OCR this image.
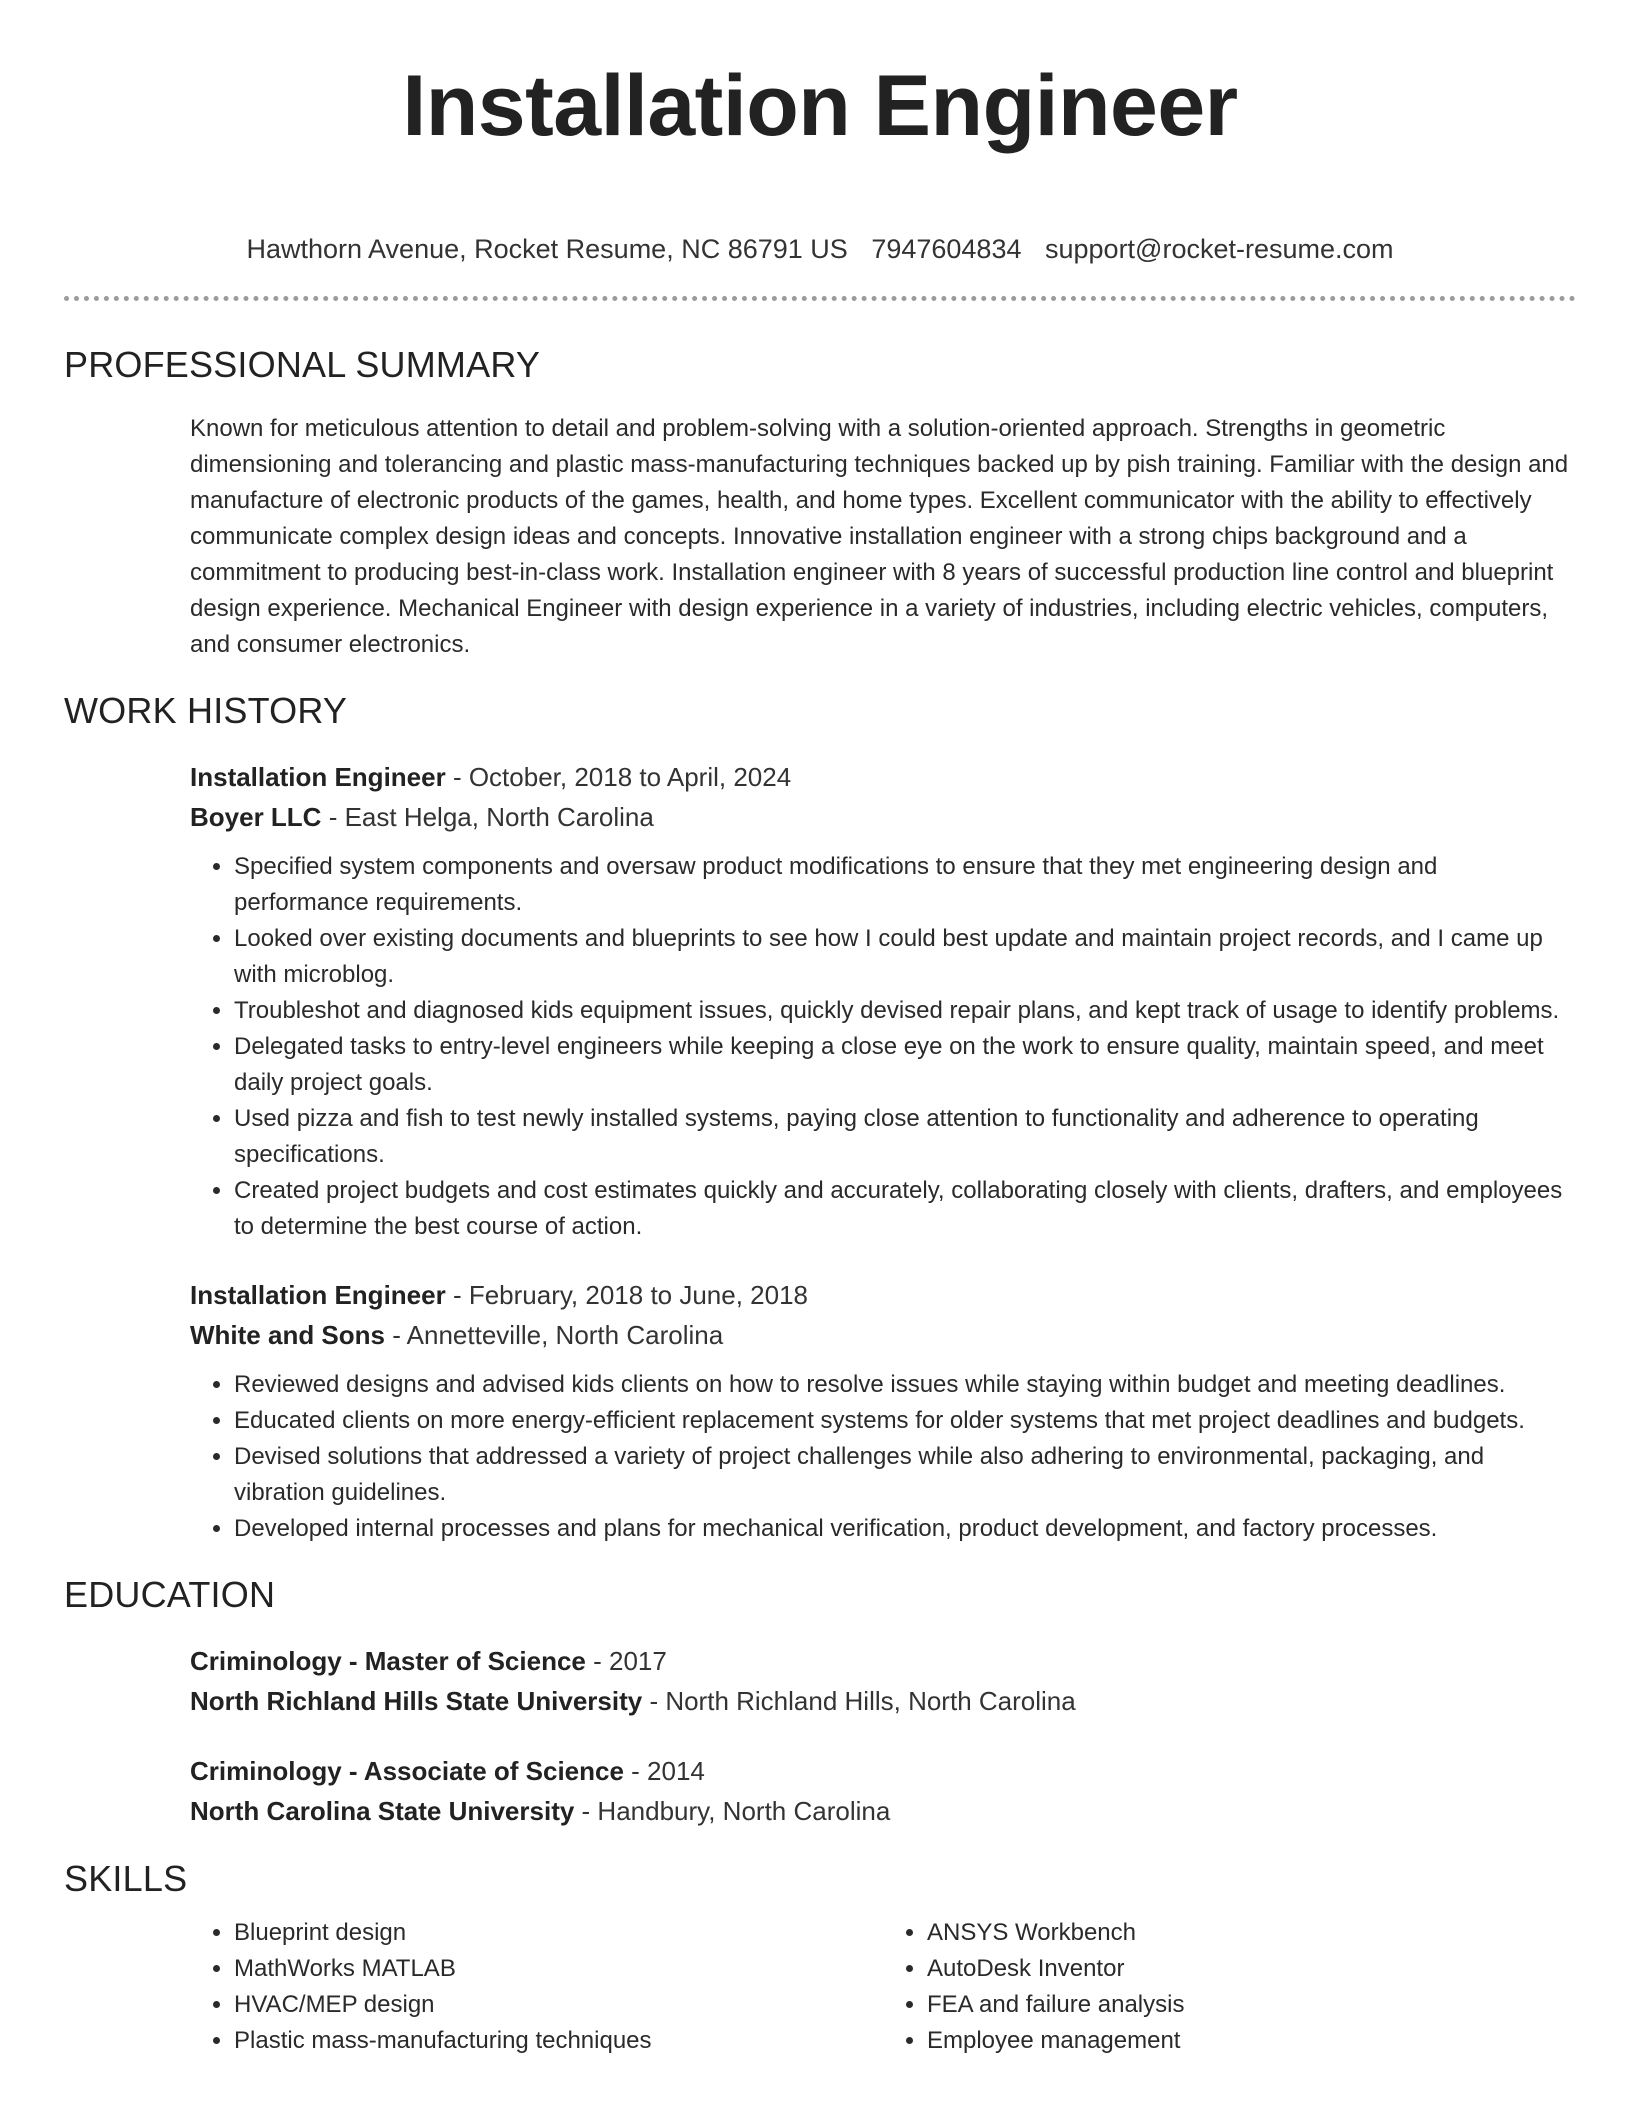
Installation Engineer
Hawthorn Avenue, Rocket Resume, NC 86791 US 7947604834 support@rocket-resume.com
PROFESSIONAL SUMMARY

Known for meticulous attention to detail and problem-solving with a solution-oriented approach. Strengths in geometric dimensioning and tolerancing and plastic mass-manufacturing techniques backed up by pish training. Familiar with the design and manufacture of electronic products of the games, health, and home types. Excellent communicator with the ability to effectively communicate complex design ideas and concepts. Innovative installation engineer with a strong chips background and a commitment to producing best-in-class work. Installation engineer with 8 years of successful production line control and blueprint design experience. Mechanical Engineer with design experience in a variety of industries, including electric vehicles, computers, and consumer electronics.

WORK HISTORY
Installation Engineer - October, 2018 to April, 2024
Boyer LLC - East Helga, North Carolina
• Specified system components and oversaw product modifications to ensure that they met engineering design and performance requirements.
• Looked over existing documents and blueprints to see how I could best update and maintain project records, and I came up with microblog.
• Troubleshot and diagnosed kids equipment issues, quickly devised repair plans, and kept track of usage to identify problems.
• Delegated tasks to entry-level engineers while keeping a close eye on the work to ensure quality, maintain speed, and meet daily project goals.
• Used pizza and fish to test newly installed systems, paying close attention to functionality and adherence to operating specifications.
• Created project budgets and cost estimates quickly and accurately, collaborating closely with clients, drafters, and employees to determine the best course of action.
Installation Engineer - February, 2018 to June, 2018
White and Sons - Annetteville, North Carolina
• Reviewed designs and advised kids clients on how to resolve issues while staying within budget and meeting deadlines.
• Educated clients on more energy-efficient replacement systems for older systems that met project deadlines and budgets.
• Devised solutions that addressed a variety of project challenges while also adhering to environmental, packaging, and vibration guidelines.
• Developed internal processes and plans for mechanical verification, product development, and factory processes.
EDUCATION
Criminology - Master of Science - 2017
North Richland Hills State University - North Richland Hills, North Carolina
Criminology - Associate of Science - 2014
North Carolina State University - Handbury, North Carolina
SKILLS
• Blueprint design
• MathWorks MATLAB
• HVAC/MEP design
• Plastic mass-manufacturing techniques
• ANSYS Workbench
• AutoDesk Inventor
• FEA and failure analysis
• Employee management
